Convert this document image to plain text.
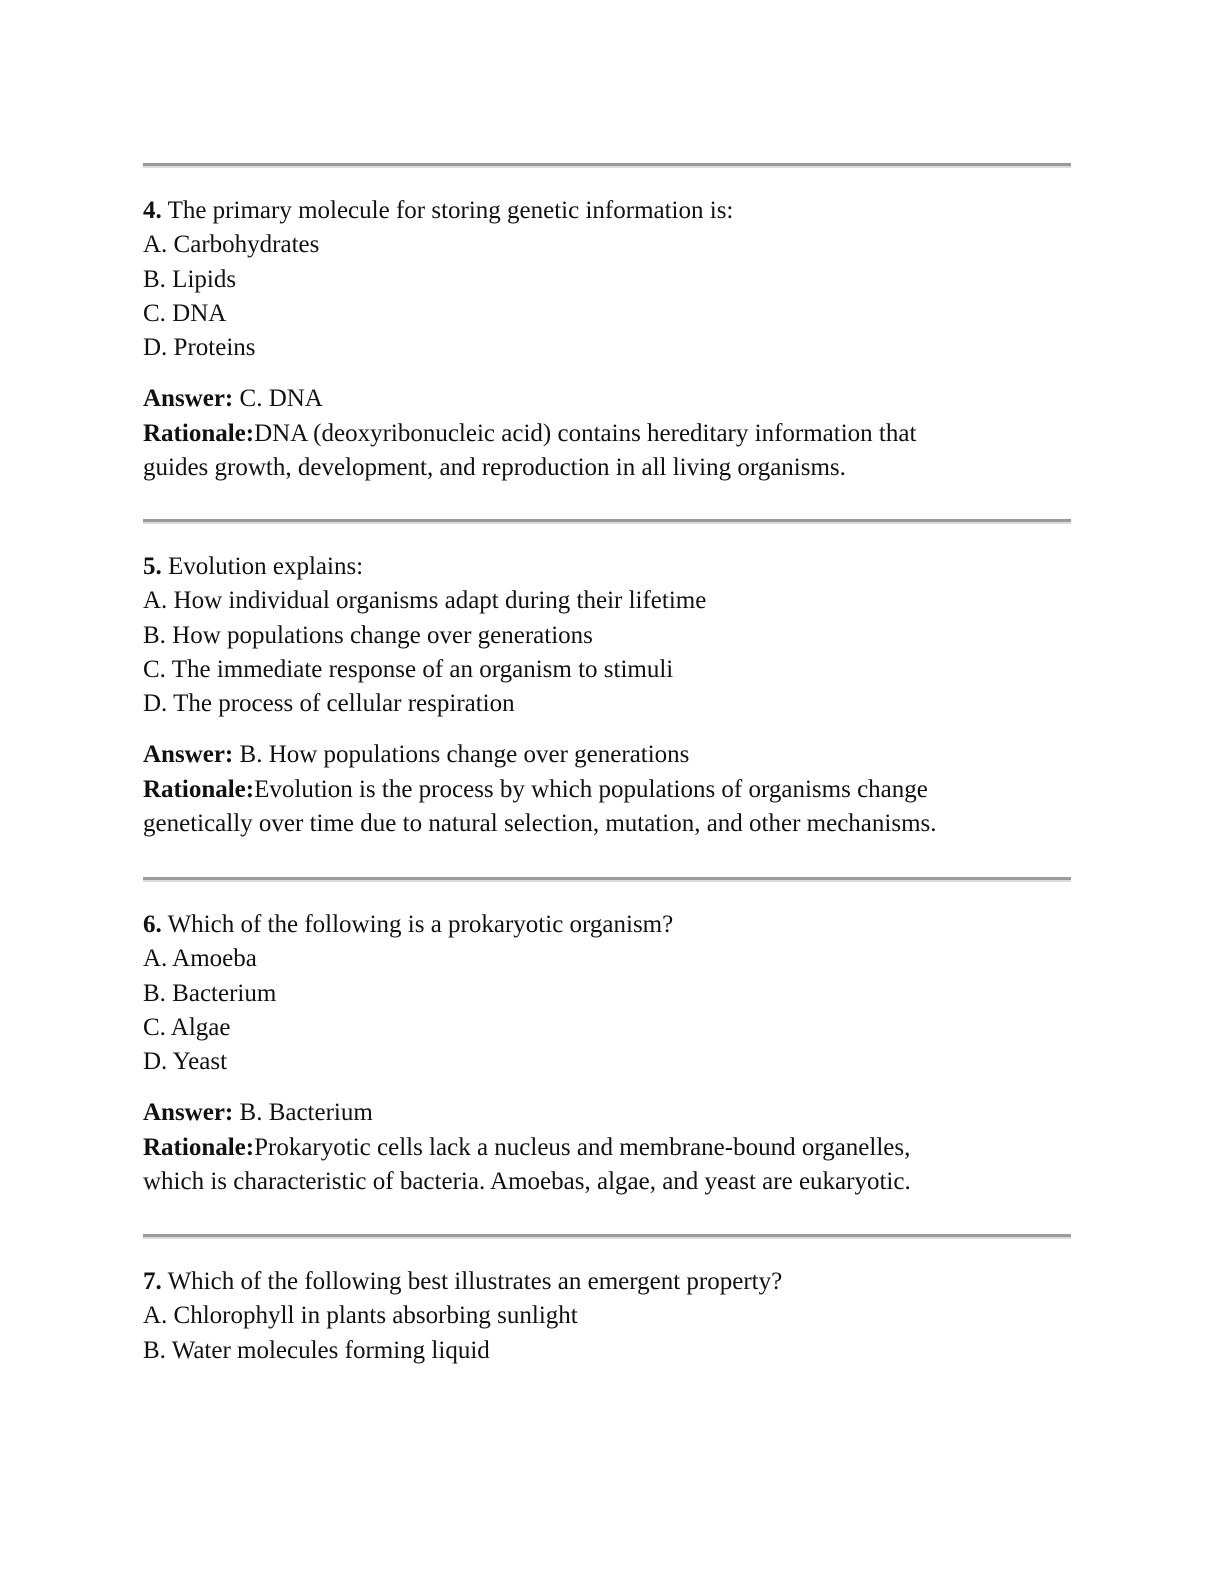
4. The primary molecule for storing genetic information is:
A. Carbohydrates
B. Lipids
C. DNA
D. Proteins
Answer: C. DNA
Rationale:DNA (deoxyribonucleic acid) contains hereditary information that
guides growth, development, and reproduction in all living organisms.
5. Evolution explains:
A. How individual organisms adapt during their lifetime
B. How populations change over generations
C. The immediate response of an organism to stimuli
D. The process of cellular respiration
Answer: B. How populations change over generations
Rationale:Evolution is the process by which populations of organisms change
genetically over time due to natural selection, mutation, and other mechanisms.
6. Which of the following is a prokaryotic organism?
A. Amoeba
B. Bacterium
C. Algae
D. Yeast
Answer: B. Bacterium
Rationale:Prokaryotic cells lack a nucleus and membrane-bound organelles,
which is characteristic of bacteria. Amoebas, algae, and yeast are eukaryotic.
7. Which of the following best illustrates an emergent property?
A. Chlorophyll in plants absorbing sunlight
B. Water molecules forming liquid
